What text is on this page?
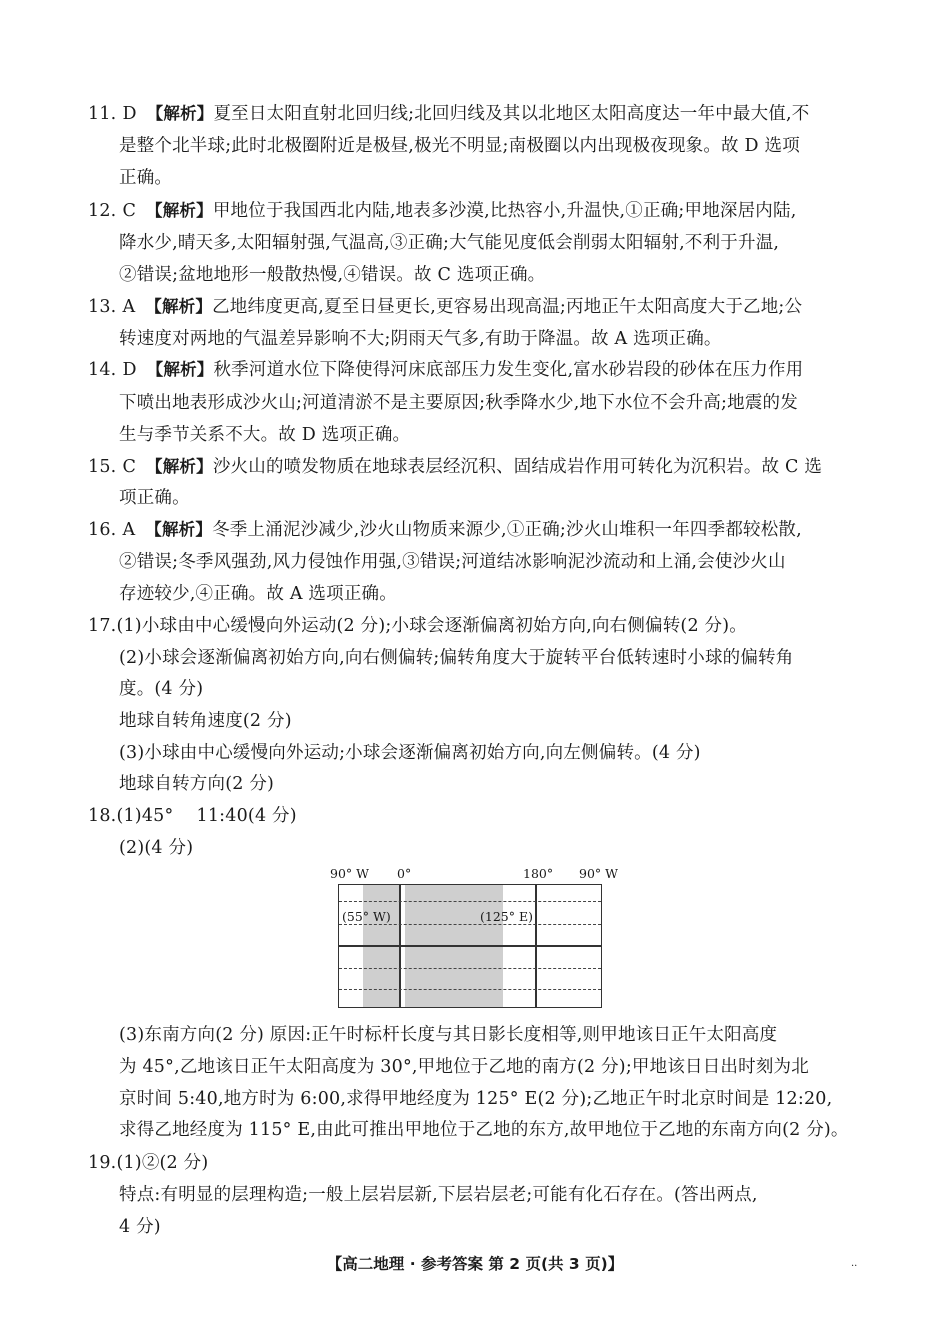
11. D 【解析】夏至日太阳直射北回归线;北回归线及其以北地区太阳高度达一年中最大值,不
是整个北半球;此时北极圈附近是极昼,极光不明显;南极圈以内出现极夜现象。故 D 选项
正确。
12. C 【解析】甲地位于我国西北内陆,地表多沙漠,比热容小,升温快,①正确;甲地深居内陆,
降水少,晴天多,太阳辐射强,气温高,③正确;大气能见度低会削弱太阳辐射,不利于升温,
②错误;盆地地形一般散热慢,④错误。故 C 选项正确。
13. A 【解析】乙地纬度更高,夏至日昼更长,更容易出现高温;丙地正午太阳高度大于乙地;公
转速度对两地的气温差异影响不大;阴雨天气多,有助于降温。故 A 选项正确。
14. D 【解析】秋季河道水位下降使得河床底部压力发生变化,富水砂岩段的砂体在压力作用
下喷出地表形成沙火山;河道清淤不是主要原因;秋季降水少,地下水位不会升高;地震的发
生与季节关系不大。故 D 选项正确。
15. C 【解析】沙火山的喷发物质在地球表层经沉积、固结成岩作用可转化为沉积岩。故 C 选
项正确。
16. A 【解析】冬季上涌泥沙减少,沙火山物质来源少,①正确;沙火山堆积一年四季都较松散,
②错误;冬季风强劲,风力侵蚀作用强,③错误;河道结冰影响泥沙流动和上涌,会使沙火山
存迹较少,④正确。故 A 选项正确。
17.(1)小球由中心缓慢向外运动(2 分);小球会逐渐偏离初始方向,向右侧偏转(2 分)。
(2)小球会逐渐偏离初始方向,向右侧偏转;偏转角度大于旋转平台低转速时小球的偏转角
度。(4 分)
地球自转角速度(2 分)
(3)小球由中心缓慢向外运动;小球会逐渐偏离初始方向,向左侧偏转。(4 分)
地球自转方向(2 分)
18.(1)45°    11:40(4 分)
(2)(4 分)
90° W 0°	180° 90° W
(55° W)	(125° E)
(3)东南方向(2 分) 原因:正午时标杆长度与其日影长度相等,则甲地该日正午太阳高度
为 45°,乙地该日正午太阳高度为 30°,甲地位于乙地的南方(2 分);甲地该日日出时刻为北
京时间 5:40,地方时为 6:00,求得甲地经度为 125° E(2 分);乙地正午时北京时间是 12:20,
求得乙地经度为 115° E,由此可推出甲地位于乙地的东方,故甲地位于乙地的东南方向(2 分)。
19.(1)②(2 分)
特点:有明显的层理构造;一般上层岩层新,下层岩层老;可能有化石存在。(答出两点,
4 分)
【高二地理 · 参考答案 第 2 页(共 3 页)】	..
